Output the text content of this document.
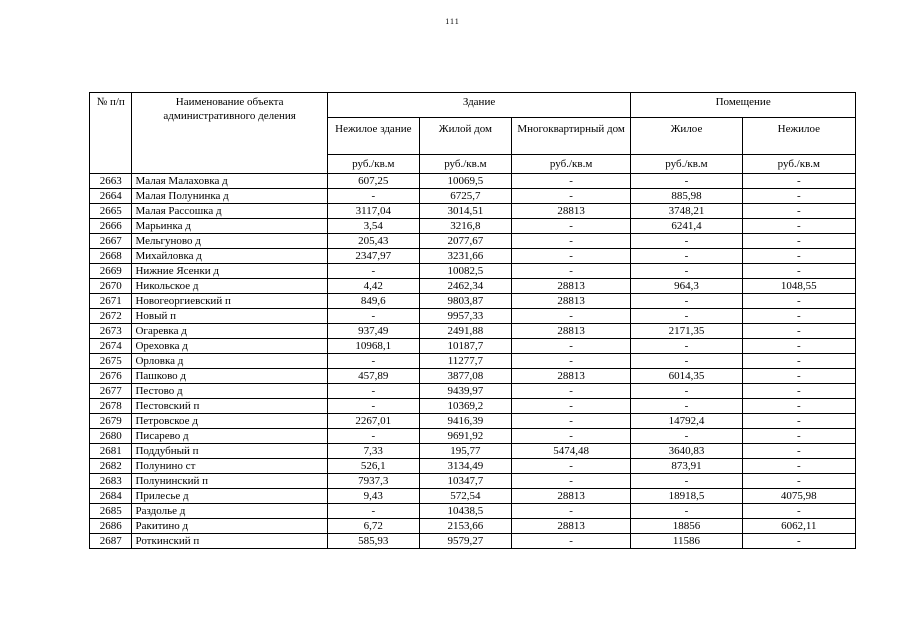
111
№ п/п	Наименование объекта административного деления	Здание			Помещение	
		Нежилое здание	Жилой дом	Многоквартирный дом	Жилое	Нежилое
		руб./кв.м	руб./кв.м	руб./кв.м	руб./кв.м	руб./кв.м
2663	Малая Малаховка д	607,25	10069,5	-	-	-
2664	Малая Полунинка д	-	6725,7	-	885,98	-
2665	Малая Рассошка д	3117,04	3014,51	28813	3748,21	-
2666	Марьинка д	3,54	3216,8	-	6241,4	-
2667	Мельгуново д	205,43	2077,67	-	-	-
2668	Михайловка д	2347,97	3231,66	-	-	-
2669	Нижние Ясенки д	-	10082,5	-	-	-
2670	Никольское д	4,42	2462,34	28813	964,3	1048,55
2671	Новогеоргиевский п	849,6	9803,87	28813	-	-
2672	Новый п	-	9957,33	-	-	-
2673	Огаревка д	937,49	2491,88	28813	2171,35	-
2674	Ореховка д	10968,1	10187,7	-	-	-
2675	Орловка д	-	11277,7	-	-	-
2676	Пашково д	457,89	3877,08	28813	6014,35	-
2677	Пестово д	-	9439,97	-	-	-
2678	Пестовский п	-	10369,2	-	-	-
2679	Петровское д	2267,01	9416,39	-	14792,4	-
2680	Писарево д	-	9691,92	-	-	-
2681	Поддубный п	7,33	195,77	5474,48	3640,83	-
2682	Полунино ст	526,1	3134,49	-	873,91	-
2683	Полунинский п	7937,3	10347,7	-	-	-
2684	Прилесье д	9,43	572,54	28813	18918,5	4075,98
2685	Раздолье д	-	10438,5	-	-	-
2686	Ракитино д	6,72	2153,66	28813	18856	6062,11
2687	Роткинский п	585,93	9579,27	-	11586	-
